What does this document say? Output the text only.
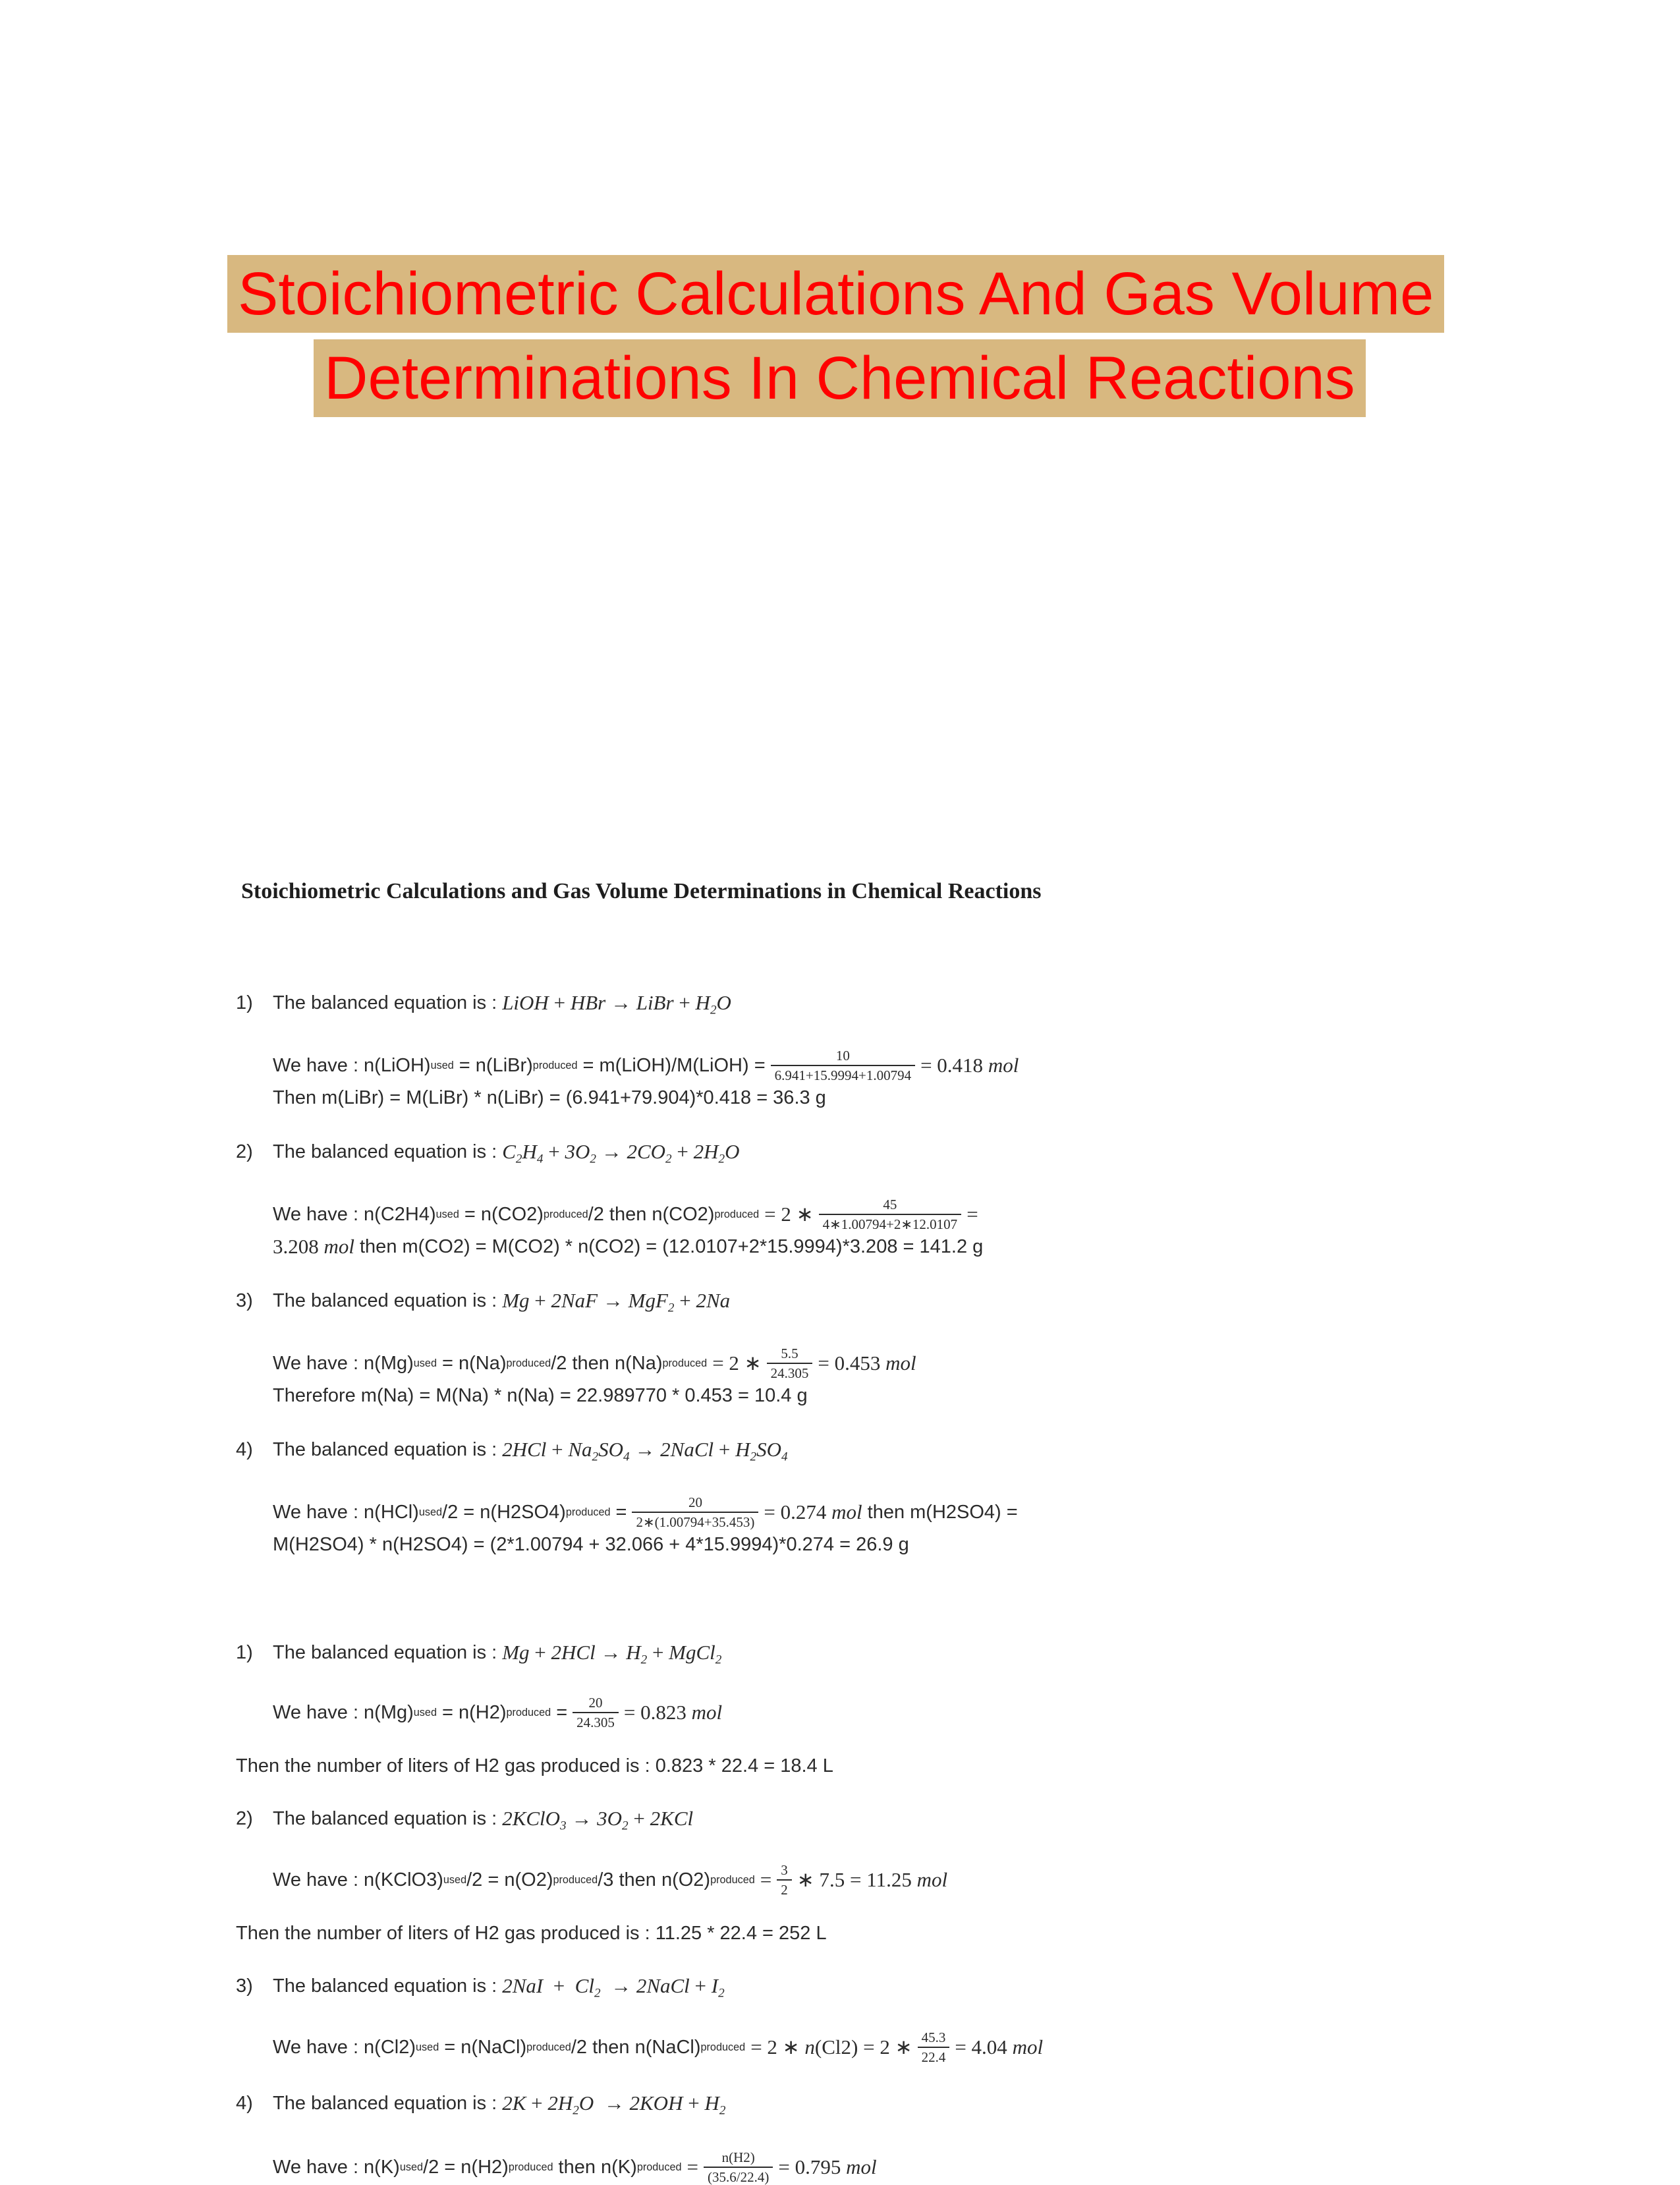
Stoichiometric Calculations And Gas Volume
Determinations In Chemical Reactions
Stoichiometric Calculations and Gas Volume Determinations in Chemical Reactions
1)	The balanced equation is : LiOH
+
HBr
→
LiBr
+
$H_2O$
We have : n(LiOH) used = n(LiBr) produced = m(LiOH)/M(LiOH) = $\frac{10}{6.941+15.9994+1.00794} = 0.418$
mol
Then m(LiBr) = M(LiBr) * n(LiBr) = (6.941+79.904)*0.418 = 36.3 g
2)	The balanced equation is : $C_2H_4$
+
$3O_2$
→
$2CO_2$
+
$2H_2O$
We have : n(C2H4) used = n(CO2) produced /2 then n(CO2) produced = 2 ∗ $\frac{45}{4∗1.00794+2∗12.0107}$ =
3.208
mol then m(CO2) = M(CO2) * n(CO2) = (12.0107+2*15.9994)*3.208 = 141.2 g
3)	The balanced equation is : Mg
+
2NaF
→
MgF$_2$
+
2Na
We have : n(Mg) used = n(Na) produced /2 then n(Na) produced = 2 ∗ $\frac{5.5}{24.305} = 0.453$
mol
Therefore m(Na) = M(Na) * n(Na) = 22.989770 * 0.453 = 10.4 g
4)	The balanced equation is : 2HCl
+
$Na_2SO_4$
→
2NaCl
+
$H_2SO_4$
We have : n(HCl) used /2 = n(H2SO4) produced = $\frac{20}{2∗(1.00794+35.453)} = 0.274$
mol then m(H2SO4) =
M(H2SO4) * n(H2SO4) = (2*1.00794 + 32.066 + 4*15.9994)*0.274 = 26.9 g
1)	The balanced equation is : Mg
+
2HCl
→
$H_2$
+
MgCl$_2$
We have : n(Mg) used = n(H2) produced = $\frac{20}{24.305} = 0.823$
mol
Then the number of liters of H2 gas produced is : 0.823 * 22.4 = 18.4 L
2)	The balanced equation is : 2KClO$_3$
→
$3O_2$
+
2KCl
We have : n(KClO3) used /2 = n(O2) produced /3 then n(O2) produced = $\frac{3}{2}$ ∗ 7.5 = 11.25
mol
Then the number of liters of H2 gas produced is : 11.25 * 22.4 = 252 L
3)	The balanced equation is : 2NaI
+
$Cl_2$
→
2NaCl
+
$I_2$
We have : n(Cl2) used = n(NaCl) produced /2 then n(NaCl) produced = 2 ∗
n (Cl2) = 2 ∗ $\frac{45.3}{22.4} = 4.04$
mol
4)	The balanced equation is : 2K
+
$2H_2O$
→
2KOH
+
$H_2$
We have : n(K) used /2 = n(H2) produced then n(K) produced = $\frac{n(H2)}{(35.6/22.4)}$ =
0.795
mol
